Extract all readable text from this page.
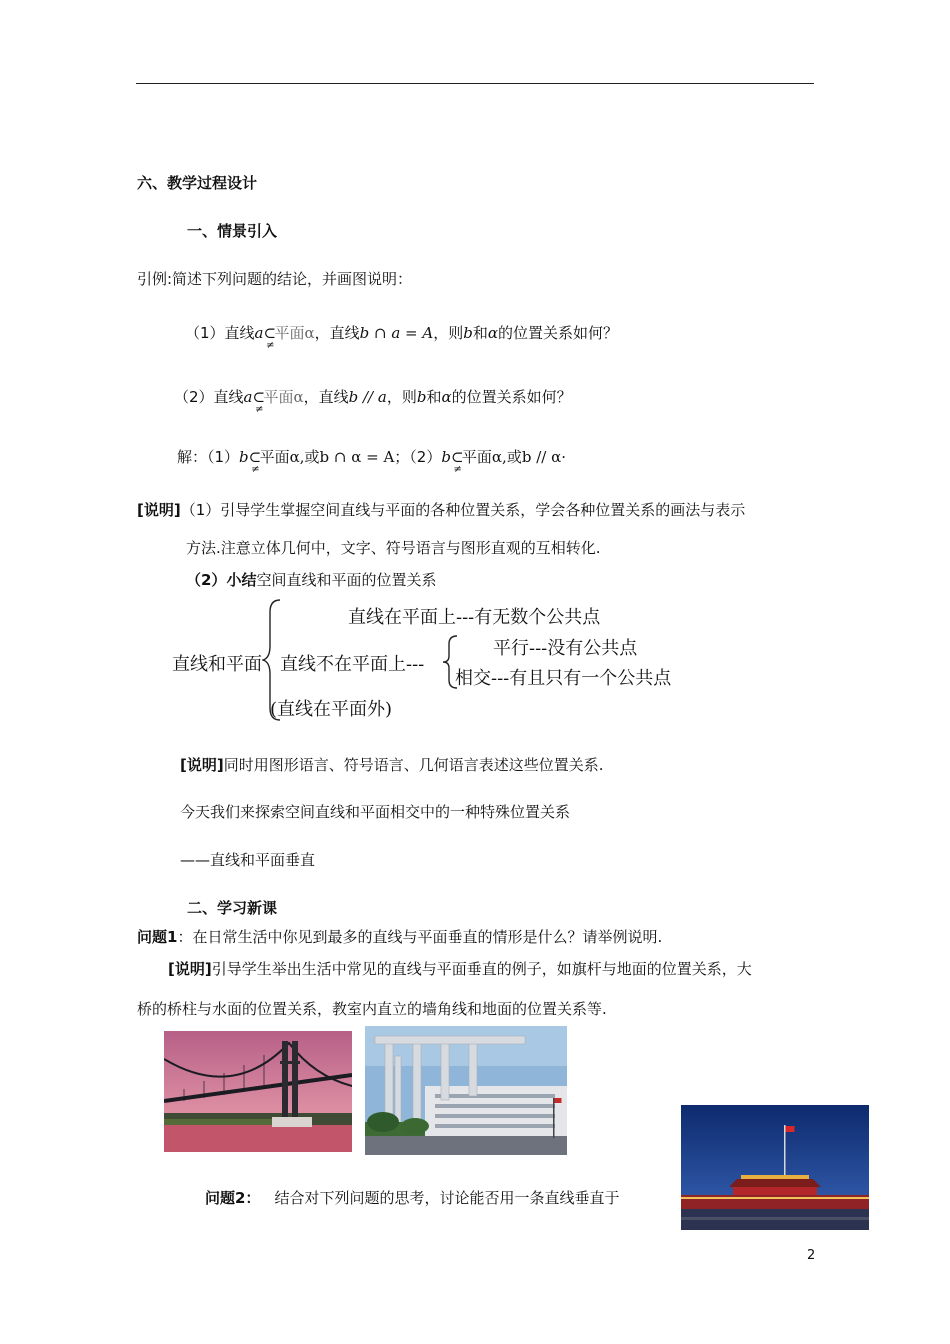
六、教学过程设计
一、情景引入
引例:简述下列问题的结论，并画图说明：
（1）直线$a\subset_\ne$平面α，直线b ∩ a = A，则b和α的位置关系如何？
（2）直线$a\subset_\ne$平面α，直线b // a，则b和α的位置关系如何？
解：$(1)b\subset_\ne$平面α,或b ∩ α = A；$(2)b\subset_\ne$平面α,或b // α·
[说明]（1）引导学生掌握空间直线与平面的各种位置关系，学会各种位置关系的画法与表示
方法.注意立体几何中，文字、符号语言与图形直观的互相转化.
（2）小结空间直线和平面的位置关系
直线和平面
直线在平面上---有无数个公共点
直线不在平面上---
平行---没有公共点
相交---有且只有一个公共点
(直线在平面外)
[说明]同时用图形语言、符号语言、几何语言表述这些位置关系.
今天我们来探索空间直线和平面相交中的一种特殊位置关系
——直线和平面垂直
二、学习新课
问题1：在日常生活中你见到最多的直线与平面垂直的情形是什么？请举例说明.
[说明]引导学生举出生活中常见的直线与平面垂直的例子，如旗杆与地面的位置关系，大
桥的桥柱与水面的位置关系，教室内直立的墙角线和地面的位置关系等.
问题2： 结合对下列问题的思考，讨论能否用一条直线垂直于
2
